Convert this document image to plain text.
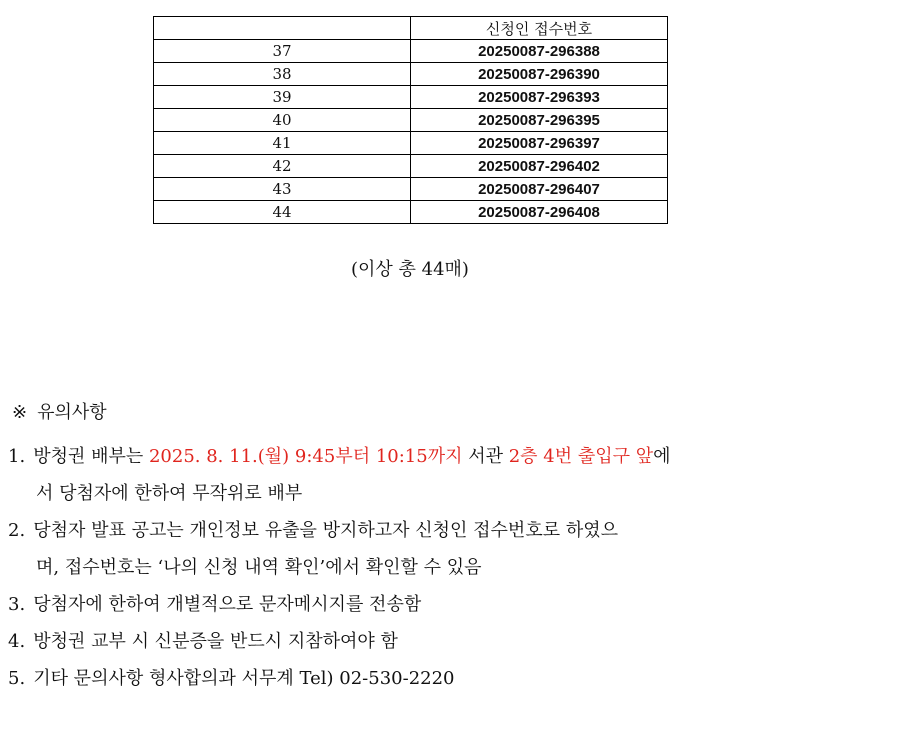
	신청인 접수번호
37	20250087-296388
38	20250087-296390
39	20250087-296393
40	20250087-296395
41	20250087-296397
42	20250087-296402
43	20250087-296407
44	20250087-296408
(이상 총 44매)
※ 유의사항
1. 방청권 배부는 2025. 8. 11.(월) 9:45부터 10:15까지 서관 2층 4번 출입구 앞에
서 당첨자에 한하여 무작위로 배부
2. 당첨자 발표 공고는 개인정보 유출을 방지하고자 신청인 접수번호로 하였으
며, 접수번호는 ‘나의 신청 내역 확인’에서 확인할 수 있음
3. 당첨자에 한하여 개별적으로 문자메시지를 전송함
4. 방청권 교부 시 신분증을 반드시 지참하여야 함
5. 기타 문의사항 형사합의과 서무계 Tel) 02-530-2220
